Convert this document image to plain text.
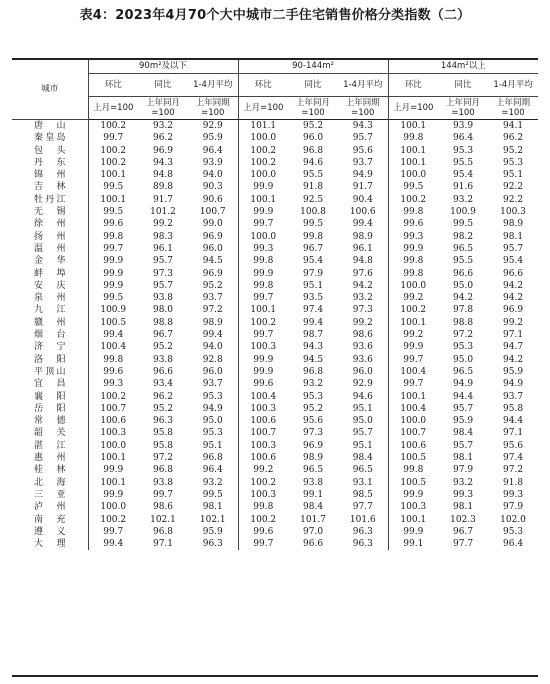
表4：2023年4月70个大中城市二手住宅销售价格分类指数（二）
城市	90m²及以下			90-144m²			144m²以上		
	环比	同比	1-4月平均	环比	同比	1-4月平均	环比	同比	1-4月平均
	上月=100	上年同月=100	上年同期=100	上月=100	上年同月=100	上年同期=100	上月=100	上年同月=100	上年同期=100
唐山	100.2	93.2	92.9	101.1	95.2	94.3	100.1	93.9	94.1
秦皇岛	99.7	96.2	95.9	100.0	96.0	95.7	99.8	96.4	96.2
包头	100.2	96.9	96.4	100.2	96.8	95.6	100.1	95.3	95.2
丹东	100.2	94.3	93.9	100.2	94.6	93.7	100.1	95.5	95.3
锦州	100.1	94.8	94.0	100.0	95.5	94.9	100.0	95.4	95.1
吉林	99.5	89.8	90.3	99.9	91.8	91.7	99.5	91.6	92.2
牡丹江	100.1	91.7	90.6	100.1	92.5	90.4	100.2	93.2	92.2
无锡	99.5	101.2	100.7	99.9	100.8	100.6	99.8	100.9	100.3
徐州	99.6	99.2	99.0	99.7	99.5	99.4	99.6	99.5	98.9
扬州	99.8	98.3	96.9	100.0	99.8	98.9	99.3	98.2	98.1
温州	99.7	96.1	96.0	99.3	96.7	96.1	99.9	96.5	95.7
金华	99.9	95.7	94.5	99.8	95.4	94.8	99.8	95.5	95.4
蚌埠	99.9	97.3	96.9	99.9	97.9	97.6	99.8	96.6	96.6
安庆	99.9	95.7	95.2	99.8	95.1	94.2	100.0	95.0	94.2
泉州	99.5	93.8	93.7	99.7	93.5	93.2	99.2	94.2	94.2
九江	100.9	98.0	97.2	100.1	97.4	97.3	100.2	97.8	96.9
赣州	100.5	98.8	98.9	100.2	99.4	99.2	100.1	98.8	99.2
烟台	99.4	96.7	99.4	99.7	98.7	98.6	99.2	97.2	97.1
济宁	100.4	95.2	94.0	100.3	94.3	93.6	99.9	95.3	94.7
洛阳	99.8	93.8	92.8	99.9	94.5	93.6	99.7	95.0	94.2
平顶山	99.6	96.6	96.0	99.9	96.8	96.0	100.4	96.5	95.9
宜昌	99.3	93.4	93.7	99.6	93.2	92.9	99.7	94.9	94.9
襄阳	100.2	96.2	95.3	100.4	95.3	94.6	100.1	94.4	93.7
岳阳	100.7	95.2	94.9	100.3	95.2	95.1	100.4	95.7	95.8
常德	100.6	96.3	95.0	100.6	95.6	95.0	100.0	95.9	94.4
韶关	100.3	95.8	95.3	100.7	97.3	95.7	100.7	98.4	97.1
湛江	100.0	95.8	95.1	100.3	96.9	95.1	100.6	95.7	95.6
惠州	100.1	97.2	96.8	100.6	98.9	98.4	100.5	98.1	97.4
桂林	99.9	96.8	96.4	99.2	96.5	96.5	99.8	97.9	97.2
北海	100.1	93.8	93.2	100.2	93.8	93.1	100.5	93.2	91.8
三亚	99.9	99.7	99.5	100.3	99.1	98.5	99.9	99.3	99.3
泸州	100.0	98.6	98.1	99.8	98.4	97.7	100.3	98.1	97.9
南充	100.2	102.1	102.1	100.2	101.7	101.6	100.1	102.3	102.0
遵义	99.7	96.8	95.9	99.6	97.0	96.3	99.9	96.7	95.3
大理	99.4	97.1	96.3	99.7	96.6	96.3	99.1	97.7	96.4
